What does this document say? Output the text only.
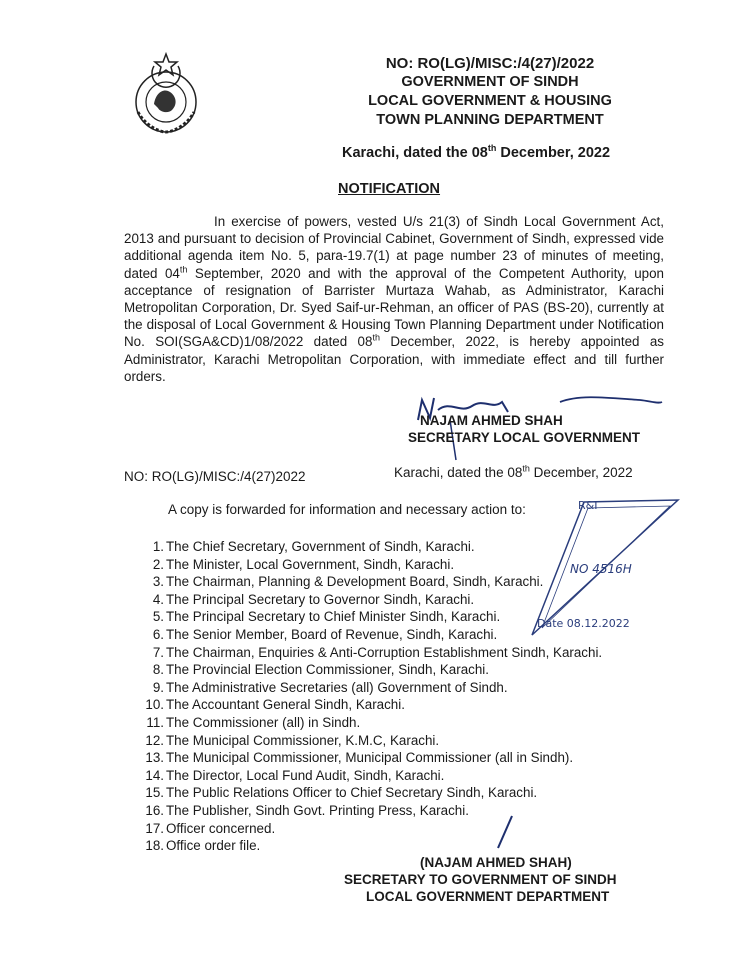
NO: RO(LG)/MISC:/4(27)/2022
GOVERNMENT OF SINDH
LOCAL GOVERNMENT & HOUSING
TOWN PLANNING DEPARTMENT
Karachi, dated the 08th December, 2022
NOTIFICATION
In exercise of powers, vested U/s 21(3) of Sindh Local Government Act, 2013 and pursuant to decision of Provincial Cabinet, Government of Sindh, expressed vide additional agenda item No. 5, para-19.7(1) at page number 23 of minutes of meeting, dated 04th September, 2020 and with the approval of the Competent Authority, upon acceptance of resignation of Barrister Murtaza Wahab, as Administrator, Karachi Metropolitan Corporation, Dr. Syed Saif-ur-Rehman, an officer of PAS (BS-20), currently at the disposal of Local Government & Housing Town Planning Department under Notification No. SOI(SGA&CD)1/08/2022 dated 08th December, 2022, is hereby appointed as Administrator, Karachi Metropolitan Corporation, with immediate effect and till further orders.
NAJAM AHMED SHAH
SECRETARY LOCAL GOVERNMENT
NO: RO(LG)/MISC:/4(27)2022	Karachi, dated the 08th December, 2022
A copy is forwarded for information and necessary action to:
1. The Chief Secretary, Government of Sindh, Karachi.
2. The Minister, Local Government, Sindh, Karachi.
3. The Chairman, Planning & Development Board, Sindh, Karachi.
4. The Principal Secretary to Governor Sindh, Karachi.
5. The Principal Secretary to Chief Minister Sindh, Karachi.
6. The Senior Member, Board of Revenue, Sindh, Karachi.
7. The Chairman, Enquiries & Anti-Corruption Establishment Sindh, Karachi.
8. The Provincial Election Commissioner, Sindh, Karachi.
9. The Administrative Secretaries (all) Government of Sindh.
10. The Accountant General Sindh, Karachi.
11. The Commissioner (all) in Sindh.
12. The Municipal Commissioner, K.M.C, Karachi.
13. The Municipal Commissioner, Municipal Commissioner (all in Sindh).
14. The Director, Local Fund Audit, Sindh, Karachi.
15. The Public Relations Officer to Chief Secretary Sindh, Karachi.
16. The Publisher, Sindh Govt. Printing Press, Karachi.
17. Officer concerned.
18. Office order file.
R&I
NO 4516H
Date 08.12.2022
(NAJAM AHMED SHAH)
SECRETARY TO GOVERNMENT OF SINDH
LOCAL GOVERNMENT DEPARTMENT
